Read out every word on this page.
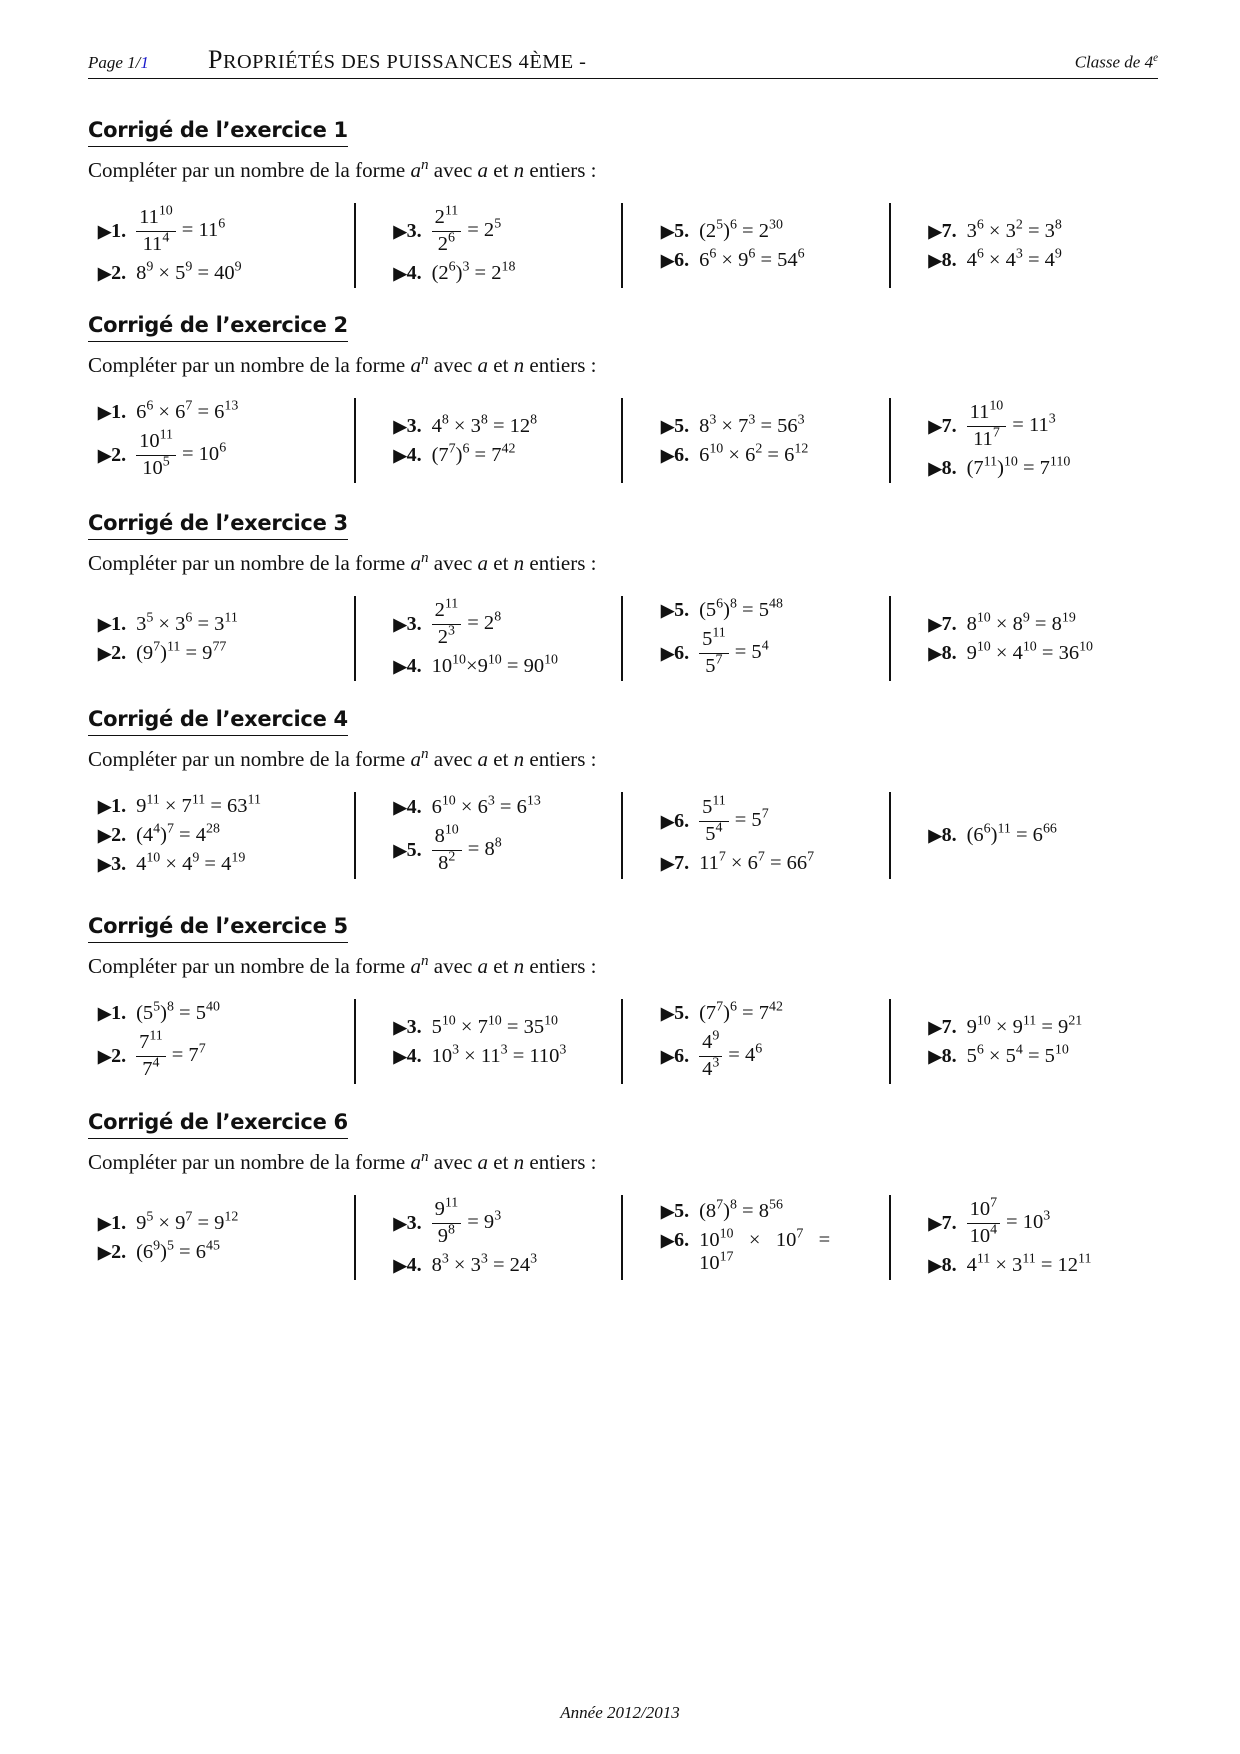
Page 1/1 PROPRIÉTÉS DES PUISSANCES 4ÈME -	Classe de 4e
Corrigé de l’exercice 1
Compléter par un nombre de la forme $a^n$ avec a et n entiers :
▶1. $\frac{11^{10}}{11^4} = 11^6$
▶2. $8^9 \times 5^9 = 40^9$
▶3. $\frac{2^{11}}{2^6} = 2^5$
▶4. $(2^6)^3 = 2^{18}$
▶5. $(2^5)^6 = 2^{30}$
▶6. $6^6 \times 9^6 = 54^6$
▶7. $3^6 \times 3^2 = 3^8$
▶8. $4^6 \times 4^3 = 4^9$
Corrigé de l’exercice 2
Compléter par un nombre de la forme $a^n$ avec a et n entiers :
▶1. $6^6 \times 6^7 = 6^{13}$
▶2. $\frac{10^{11}}{10^5} = 10^6$
▶3. $4^8 \times 3^8 = 12^8$
▶4. $(7^7)^6 = 7^{42}$
▶5. $8^3 \times 7^3 = 56^3$
▶6. $6^{10} \times 6^2 = 6^{12}$
▶7. $\frac{11^{10}}{11^7} = 11^3$
▶8. $(7^{11})^{10} = 7^{110}$
Corrigé de l’exercice 3
Compléter par un nombre de la forme $a^n$ avec a et n entiers :
▶1. $3^5 \times 3^6 = 3^{11}$
▶2. $(9^7)^{11} = 9^{77}$
▶3. $\frac{2^{11}}{2^3} = 2^8$
▶4. $10^{10}\times 9^{10} = 90^{10}$
▶5. $(5^6)^8 = 5^{48}$
▶6. $\frac{5^{11}}{5^7} = 5^4$
▶7. $8^{10} \times 8^9 = 8^{19}$
▶8. $9^{10} \times 4^{10} = 36^{10}$
Corrigé de l’exercice 4
Compléter par un nombre de la forme $a^n$ avec a et n entiers :
▶1. $9^{11} \times 7^{11} = 63^{11}$
▶2. $(4^4)^7 = 4^{28}$
▶3. $4^{10} \times 4^9 = 4^{19}$
▶4. $6^{10} \times 6^3 = 6^{13}$
▶5. $\frac{8^{10}}{8^2} = 8^8$
▶6. $\frac{5^{11}}{5^4} = 5^7$
▶7. $11^7 \times 6^7 = 66^7$
▶8. $(6^6)^{11} = 6^{66}$
Corrigé de l’exercice 5
Compléter par un nombre de la forme $a^n$ avec a et n entiers :
▶1. $(5^5)^8 = 5^{40}$
▶2. $\frac{7^{11}}{7^4} = 7^7$
▶3. $5^{10} \times 7^{10} = 35^{10}$
▶4. $10^3 \times 11^3 = 110^3$
▶5. $(7^7)^6 = 7^{42}$
▶6. $\frac{4^9}{4^3} = 4^6$
▶7. $9^{10} \times 9^{11} = 9^{21}$
▶8. $5^6 \times 5^4 = 5^{10}$
Corrigé de l’exercice 6
Compléter par un nombre de la forme $a^n$ avec a et n entiers :
▶1. $9^5 \times 9^7 = 9^{12}$
▶2. $(6^9)^5 = 6^{45}$
▶3. $\frac{9^{11}}{9^8} = 9^3$
▶4. $8^3 \times 3^3 = 24^3$
▶5. $(8^7)^8 = 8^{56}$
▶6. $10^{10} \times 10^7$   =
$10^{17}$
▶7. $\frac{10^7}{10^4} = 10^3$
▶8. $4^{11} \times 3^{11} = 12^{11}$
Année 2012/2013
